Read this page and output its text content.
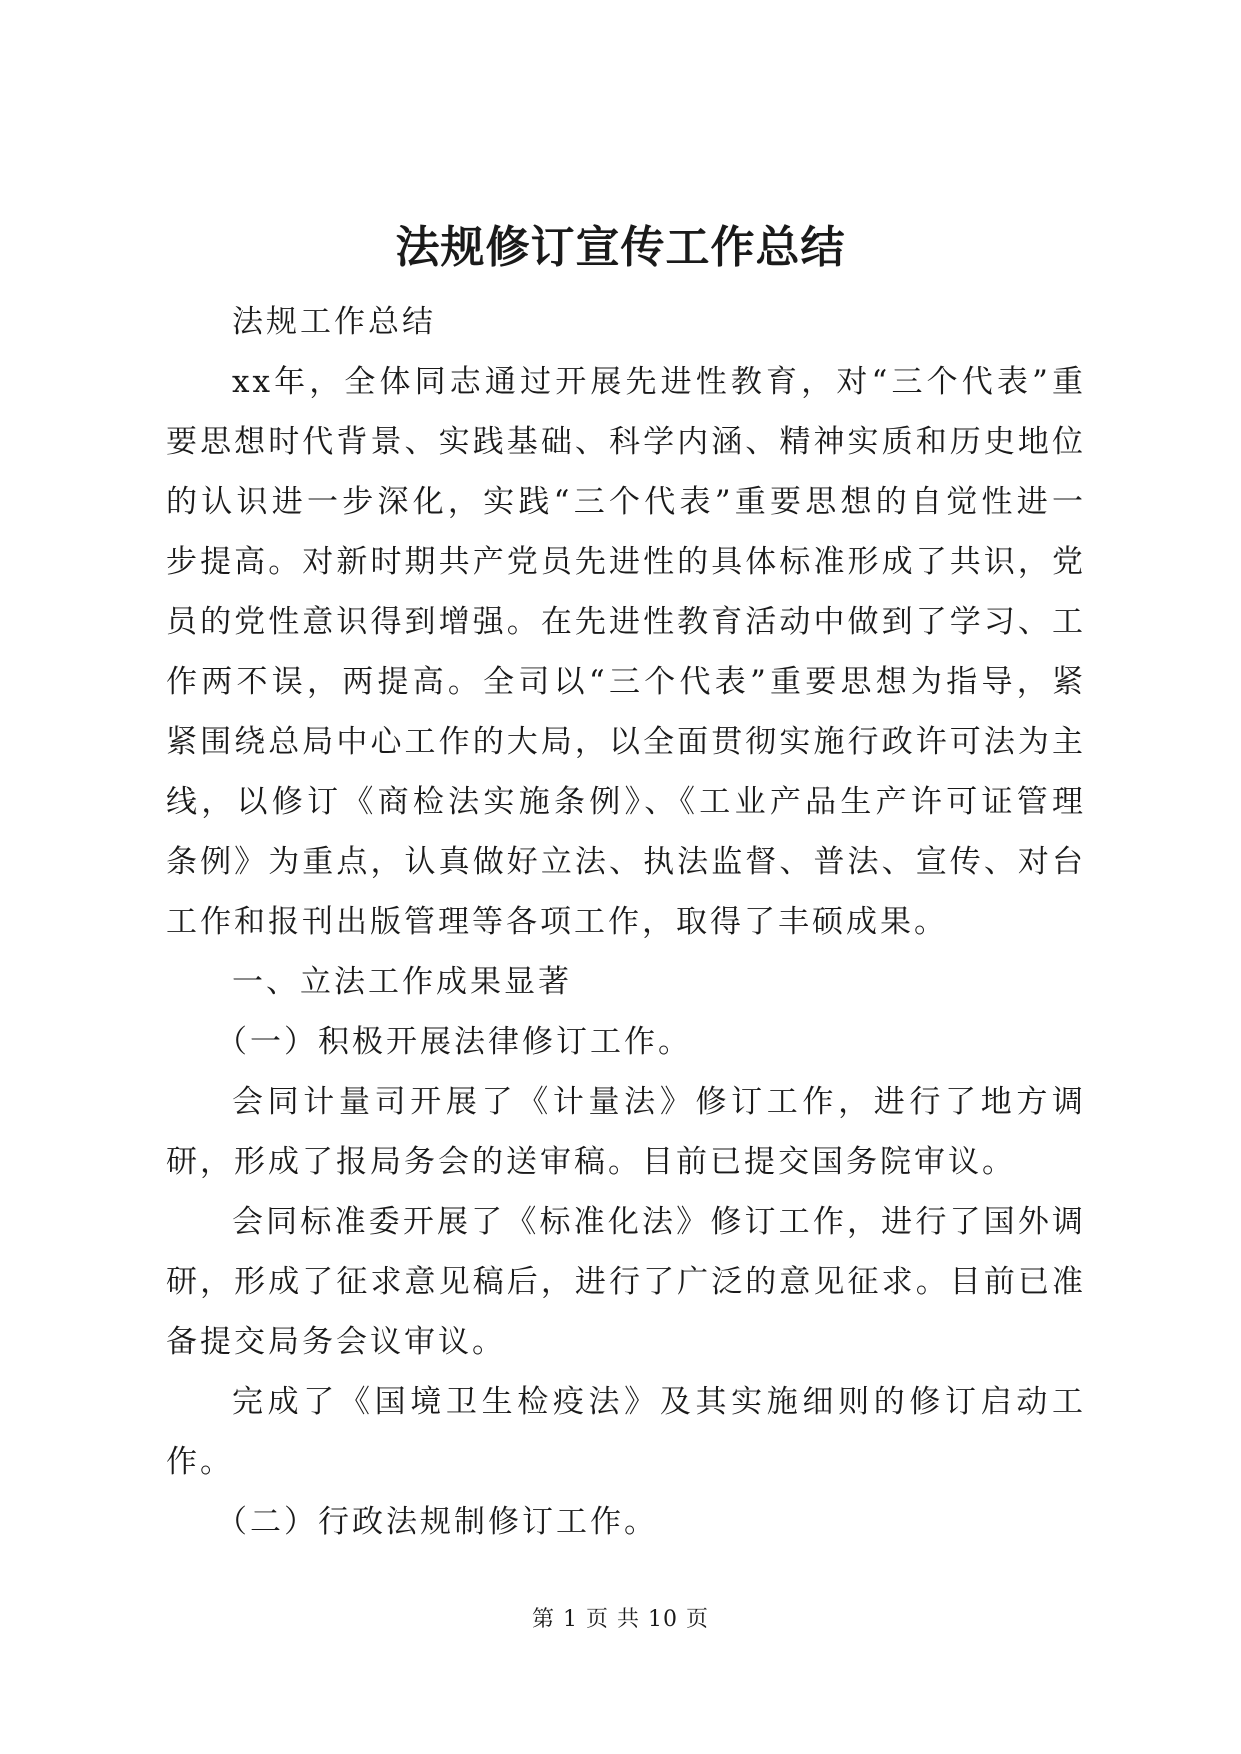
法规修订宣传工作总结

法规工作总结

xx年，全体同志通过开展先进性教育，对“三个代表”重要思想时代背景、实践基础、科学内涵、精神实质和历史地位的认识进一步深化，实践“三个代表”重要思想的自觉性进一步提高。对新时期共产党员先进性的具体标准形成了共识，党员的党性意识得到增强。在先进性教育活动中做到了学习、工作两不误，两提高。全司以“三个代表”重要思想为指导，紧紧围绕总局中心工作的大局，以全面贯彻实施行政许可法为主线，以修订《商检法实施条例》、《工业产品生产许可证管理条例》为重点，认真做好立法、执法监督、普法、宣传、对台工作和报刊出版管理等各项工作，取得了丰硕成果。

一、立法工作成果显著

（一）积极开展法律修订工作。

会同计量司开展了《计量法》修订工作，进行了地方调研，形成了报局务会的送审稿。目前已提交国务院审议。

会同标准委开展了《标准化法》修订工作，进行了国外调研，形成了征求意见稿后，进行了广泛的意见征求。目前已准备提交局务会议审议。

完成了《国境卫生检疫法》及其实施细则的修订启动工作。

（二）行政法规制修订工作。

第 1 页 共 10 页
